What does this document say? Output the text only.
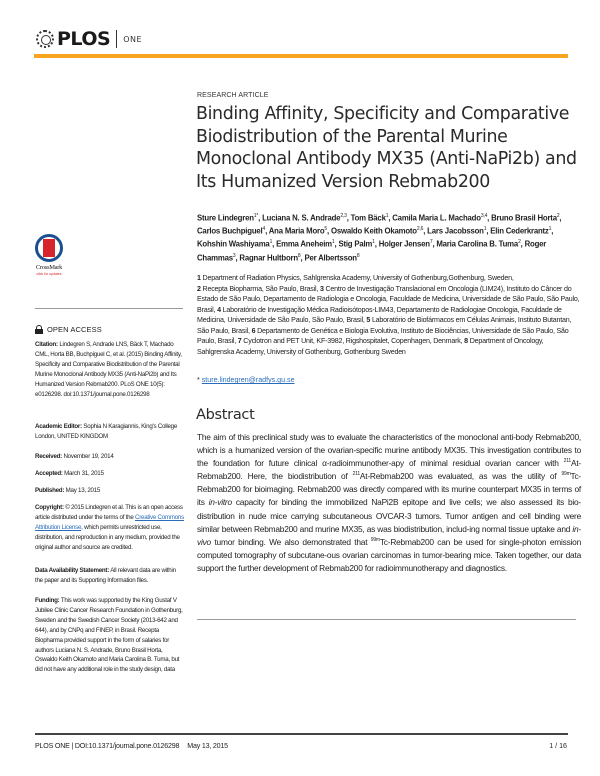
PLOS ONE
RESEARCH ARTICLE
Binding Affinity, Specificity and Comparative Biodistribution of the Parental Murine Monoclonal Antibody MX35 (Anti-NaPi2b) and Its Humanized Version Rebmab200
Sture Lindegren$^{1*}$, Luciana N. S. Andrade$^{2,3}$, Tom Bäck$^1$, Camila Maria L. Machado$^{3,4}$, Bruno Brasil Horta$^2$, Carlos Buchpiguel$^4$, Ana Maria Moro$^5$, Oswaldo Keith Okamoto$^{2,6}$, Lars Jacobsson$^1$, Elin Cederkrantz$^1$, Kohshin Washiyama$^1$, Emma Aneheim$^1$, Stig Palm$^1$, Holger Jensen$^7$, Maria Carolina B. Tuma$^2$, Roger Chammas$^3$, Ragnar Hultborn$^8$, Per Albertsson$^8$
1 Department of Radiation Physics, Sahlgrenska Academy, University of Gothenburg,Gothenburg, Sweden,
2 Recepta Biopharma, São Paulo, Brasil, 3 Centro de Investigação Translacional em Oncologia (LIM24), Instituto do Câncer do Estado de São Paulo, Departamento de Radiologia e Oncologia, Faculdade de Medicina, Universidade de São Paulo, São Paulo, Brasil, 4 Laboratório de Investigação Médica Radioisótopos-LIM43, Departamento de Radiologiae Oncologia, Faculdade de Medicina, Universidade de São Paulo, São Paulo, Brasil, 5 Laboratório de Biofármacos em Células Animais, Instituto Butantan, São Paulo, Brasil, 6 Departamento de Genética e Biologia Evolutiva, Instituto de Biociências, Universidade de São Paulo, São Paulo, Brasil, 7 Cyclotron and PET Unit, KF-3982, Rigshospitalet, Copenhagen, Denmark, 8 Department of Oncology, Sahlgrenska Academy, University of Gothenburg, Gothenburg Sweden
* sture.lindegren@radfys.gu.se
Abstract
The aim of this preclinical study was to evaluate the characteristics of the monoclonal anti-body Rebmab200, which is a humanized version of the ovarian-specific murine antibody MX35. This investigation contributes to the foundation for future clinical α-radioimmunother-apy of minimal residual ovarian cancer with $^{211}$At-Rebmab200. Here, the biodistribution of $^{211}$At-Rebmab200 was evaluated, as was the utility of $^{99m}$Tc-Rebmab200 for bioimaging. Rebmab200 was directly compared with its murine counterpart MX35 in terms of its in-vitro capacity for binding the immobilized NaPi2B epitope and live cells; we also assessed its bio-distribution in nude mice carrying subcutaneous OVCAR-3 tumors. Tumor antigen and cell binding were similar between Rebmab200 and murine MX35, as was biodistribution, includ-ing normal tissue uptake and in-vivo tumor binding. We also demonstrated that $^{99m}$Tc-Rebmab200 can be used for single-photon emission computed tomography of subcutane-ous ovarian carcinomas in tumor-bearing mice. Taken together, our data support the further development of Rebmab200 for radioimmunotherapy and diagnostics.
CrossMark
click for updates
OPEN ACCESS
Citation: Lindegren S, Andrade LNS, Bäck T, Machado CML, Horta BB, Buchpiguel C, et al. (2015) Binding Affinity, Specificity and Comparative Biodistribution of the Parental Murine Monoclonal Antibody MX35 (Anti-NaPi2b) and Its Humanized Version Rebmab200. PLoS ONE 10(5): e0126298. doi:10.1371/journal.pone.0126298
Academic Editor: Sophia N Karagiannis, King's College London, UNITED KINGDOM
Received: November 19, 2014
Accepted: March 31, 2015
Published: May 13, 2015
Copyright: © 2015 Lindegren et al. This is an open access article distributed under the terms of the Creative Commons Attribution License, which permits unrestricted use, distribution, and reproduction in any medium, provided the original author and source are credited.
Data Availability Statement: All relevant data are within the paper and its Supporting Information files.
Funding: This work was supported by the King Gustaf V Jubilee Clinic Cancer Research Foundation in Gothenburg, Sweden and the Swedish Cancer Society (2013-642 and 644), and by CNPq and FINEP, in Brasil. Recepta Biopharma provided support in the form of salaries for authors Luciana N. S. Andrade, Bruno Brasil Horta, Oswaldo Keith Okamoto and Maria Carolina B. Tuma, but did not have any additional role in the study design, data
PLOS ONE | DOI:10.1371/journal.pone.0126298 May 13, 2015	1 / 16
